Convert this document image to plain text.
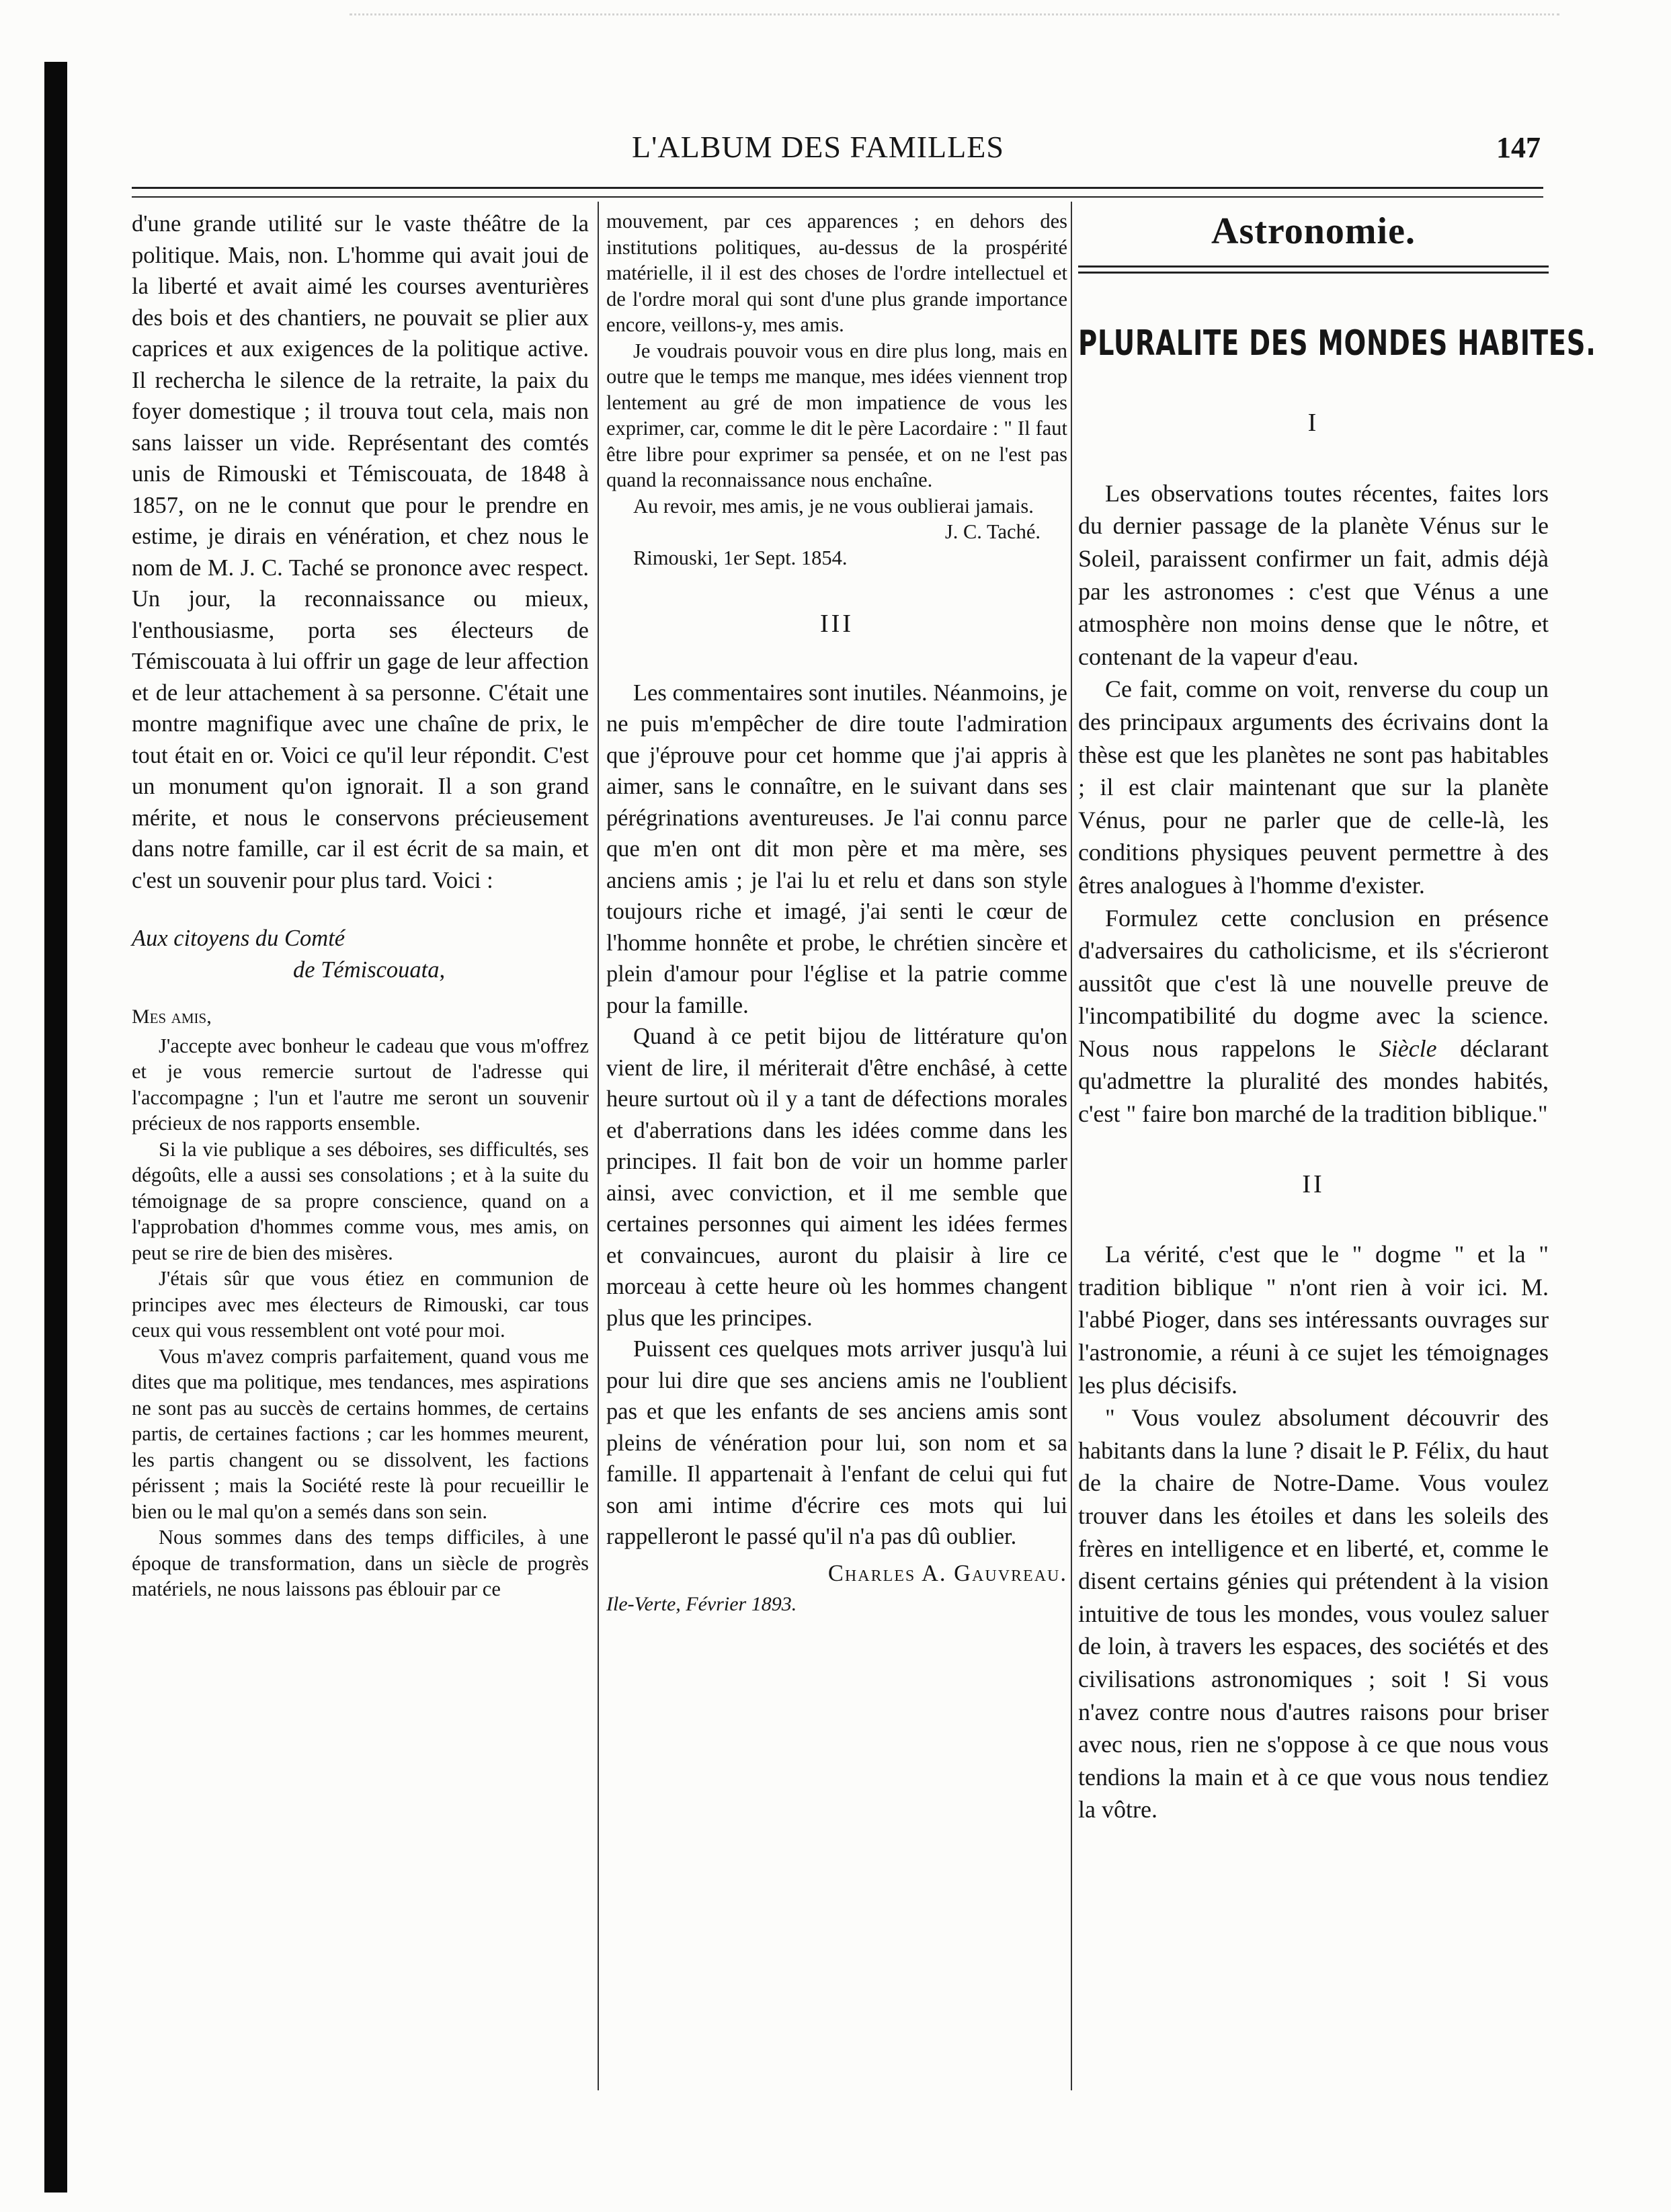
L'ALBUM DES FAMILLES	147

d'une grande utilité sur le vaste théâtre de la politique. Mais, non. L'homme qui avait joui de la liberté et avait aimé les courses aventurières des bois et des chantiers, ne pouvait se plier aux caprices et aux exigences de la politique active. Il rechercha le silence de la retraite, la paix du foyer domestique ; il trouva tout cela, mais non sans laisser un vide. Représentant des comtés unis de Rimouski et Témiscouata, de 1848 à 1857, on ne le connut que pour le prendre en estime, je dirais en vénération, et chez nous le nom de M. J. C. Taché se prononce avec respect. Un jour, la reconnaissance ou mieux, l'enthousiasme, porta ses électeurs de Témiscouata à lui offrir un gage de leur affection et de leur attachement à sa personne. C'était une montre magnifique avec une chaîne de prix, le tout était en or. Voici ce qu'il leur répondit. C'est un monument qu'on ignorait. Il a son grand mérite, et nous le conservons précieusement dans notre famille, car il est écrit de sa main, et c'est un souvenir pour plus tard. Voici :

Aux citoyens du Comté
de Témiscouata,

Mes amis,

J'accepte avec bonheur le cadeau que vous m'offrez et je vous remercie surtout de l'adresse qui l'accompagne ; l'un et l'autre me seront un souvenir précieux de nos rapports ensemble.

Si la vie publique a ses déboires, ses difficultés, ses dégoûts, elle a aussi ses consolations ; et à la suite du témoignage de sa propre conscience, quand on a l'approbation d'hommes comme vous, mes amis, on peut se rire de bien des misères.

J'étais sûr que vous étiez en communion de principes avec mes électeurs de Rimouski, car tous ceux qui vous ressemblent ont voté pour moi.

Vous m'avez compris parfaitement, quand vous me dites que ma politique, mes tendances, mes aspirations ne sont pas au succès de certains hommes, de certains partis, de certaines factions ; car les hommes meurent, les partis changent ou se dissolvent, les factions périssent ; mais la Société reste là pour recueillir le bien ou le mal qu'on a semés dans son sein.

Nous sommes dans des temps difficiles, à une époque de transformation, dans un siècle de progrès matériels, ne nous laissons pas éblouir par ce

mouvement, par ces apparences ; en dehors des institutions politiques, au-dessus de la prospérité matérielle, il il est des choses de l'ordre intellectuel et de l'ordre moral qui sont d'une plus grande importance encore, veillons-y, mes amis.

Je voudrais pouvoir vous en dire plus long, mais en outre que le temps me manque, mes idées viennent trop lentement au gré de mon impatience de vous les exprimer, car, comme le dit le père Lacordaire : " Il faut être libre pour exprimer sa pensée, et on ne l'est pas quand la reconnaissance nous enchaîne.

Au revoir, mes amis, je ne vous oublierai jamais.

J. C. Taché.

Rimouski, 1er Sept. 1854.

III

Les commentaires sont inutiles. Néanmoins, je ne puis m'empêcher de dire toute l'admiration que j'éprouve pour cet homme que j'ai appris à aimer, sans le connaître, en le suivant dans ses pérégrinations aventureuses. Je l'ai connu parce que m'en ont dit mon père et ma mère, ses anciens amis ; je l'ai lu et relu et dans son style toujours riche et imagé, j'ai senti le cœur de l'homme honnête et probe, le chrétien sincère et plein d'amour pour l'église et la patrie comme pour la famille.

Quand à ce petit bijou de littérature qu'on vient de lire, il mériterait d'être enchâsé, à cette heure surtout où il y a tant de défections morales et d'aberrations dans les idées comme dans les principes. Il fait bon de voir un homme parler ainsi, avec conviction, et il me semble que certaines personnes qui aiment les idées fermes et convaincues, auront du plaisir à lire ce morceau à cette heure où les hommes changent plus que les principes.

Puissent ces quelques mots arriver jusqu'à lui pour lui dire que ses anciens amis ne l'oublient pas et que les enfants de ses anciens amis sont pleins de vénération pour lui, son nom et sa famille. Il appartenait à l'enfant de celui qui fut son ami intime d'écrire ces mots qui lui rappelleront le passé qu'il n'a pas dû oublier.

Charles A. Gauvreau.

Ile-Verte, Février 1893.

Astronomie.
PLURALITE DES MONDES HABITES.

I

Les observations toutes récentes, faites lors du dernier passage de la planète Vénus sur le Soleil, paraissent confirmer un fait, admis déjà par les astronomes : c'est que Vénus a une atmosphère non moins dense que le nôtre, et contenant de la vapeur d'eau.

Ce fait, comme on voit, renverse du coup un des principaux arguments des écrivains dont la thèse est que les planètes ne sont pas habitables ; il est clair maintenant que sur la planète Vénus, pour ne parler que de celle-là, les conditions physiques peuvent permettre à des êtres analogues à l'homme d'exister.

Formulez cette conclusion en présence d'adversaires du catholicisme, et ils s'écrieront aussitôt que c'est là une nouvelle preuve de l'incompatibilité du dogme avec la science. Nous nous rappelons le Siècle déclarant qu'admettre la pluralité des mondes habités, c'est " faire bon marché de la tradition biblique."

II

La vérité, c'est que le " dogme " et la " tradition biblique " n'ont rien à voir ici. M. l'abbé Pioger, dans ses intéressants ouvrages sur l'astronomie, a réuni à ce sujet les témoignages les plus décisifs.

" Vous voulez absolument découvrir des habitants dans la lune ? disait le P. Félix, du haut de la chaire de Notre-Dame. Vous voulez trouver dans les étoiles et dans les soleils des frères en intelligence et en liberté, et, comme le disent certains génies qui prétendent à la vision intuitive de tous les mondes, vous voulez saluer de loin, à travers les espaces, des sociétés et des civilisations astronomiques ; soit ! Si vous n'avez contre nous d'autres raisons pour briser avec nous, rien ne s'oppose à ce que nous vous tendions la main et à ce que vous nous tendiez la vôtre.
